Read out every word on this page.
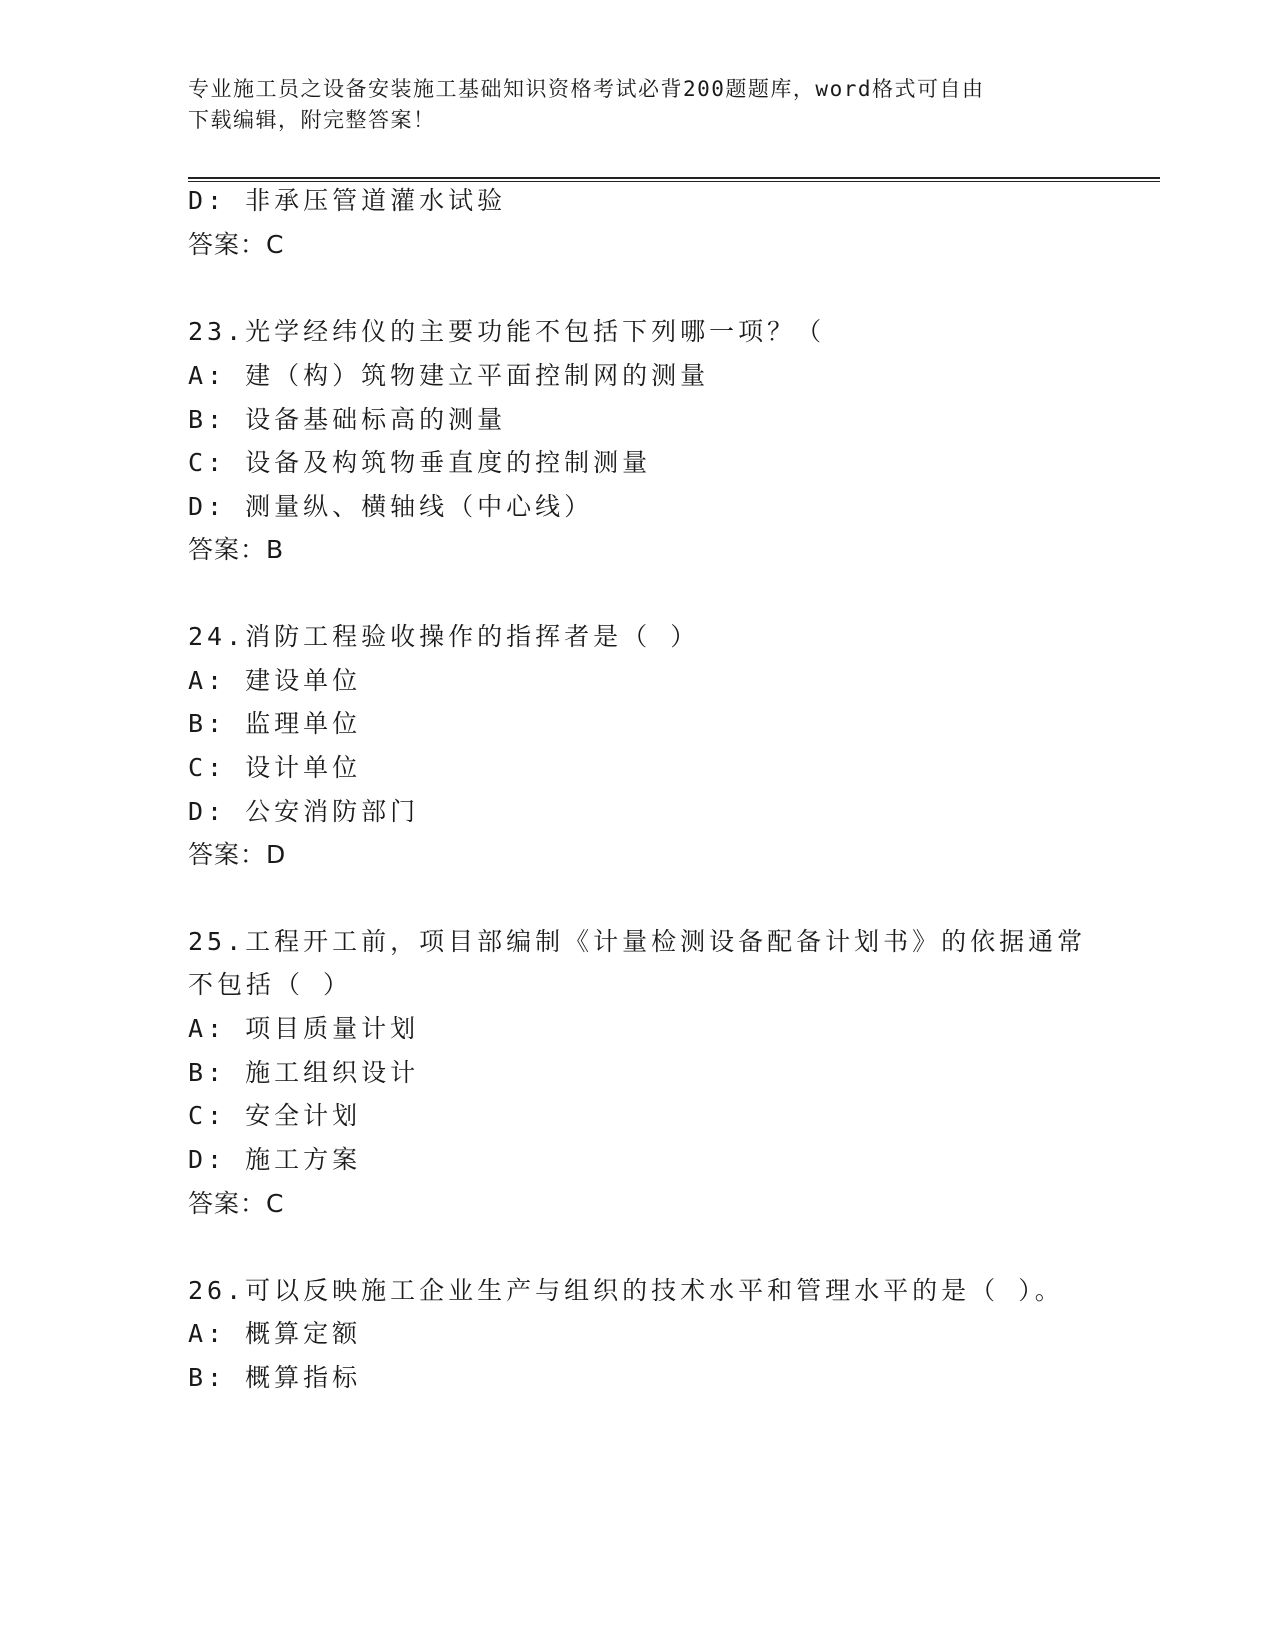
专业施工员之设备安装施工基础知识资格考试必背200题题库，word格式可自由
下载编辑，附完整答案！
D: 非承压管道灌水试验
答案：C
23.光学经纬仪的主要功能不包括下列哪一项？（
A: 建（构）筑物建立平面控制网的测量
B: 设备基础标高的测量
C: 设备及构筑物垂直度的控制测量
D: 测量纵、横轴线（中心线）
答案：B
24.消防工程验收操作的指挥者是（ ）
A: 建设单位
B: 监理单位
C: 设计单位
D: 公安消防部门
答案：D
25.工程开工前，项目部编制《计量检测设备配备计划书》的依据通常
不包括（ ）
A: 项目质量计划
B: 施工组织设计
C: 安全计划
D: 施工方案
答案：C
26.可以反映施工企业生产与组织的技术水平和管理水平的是（ ）。
A: 概算定额
B: 概算指标
